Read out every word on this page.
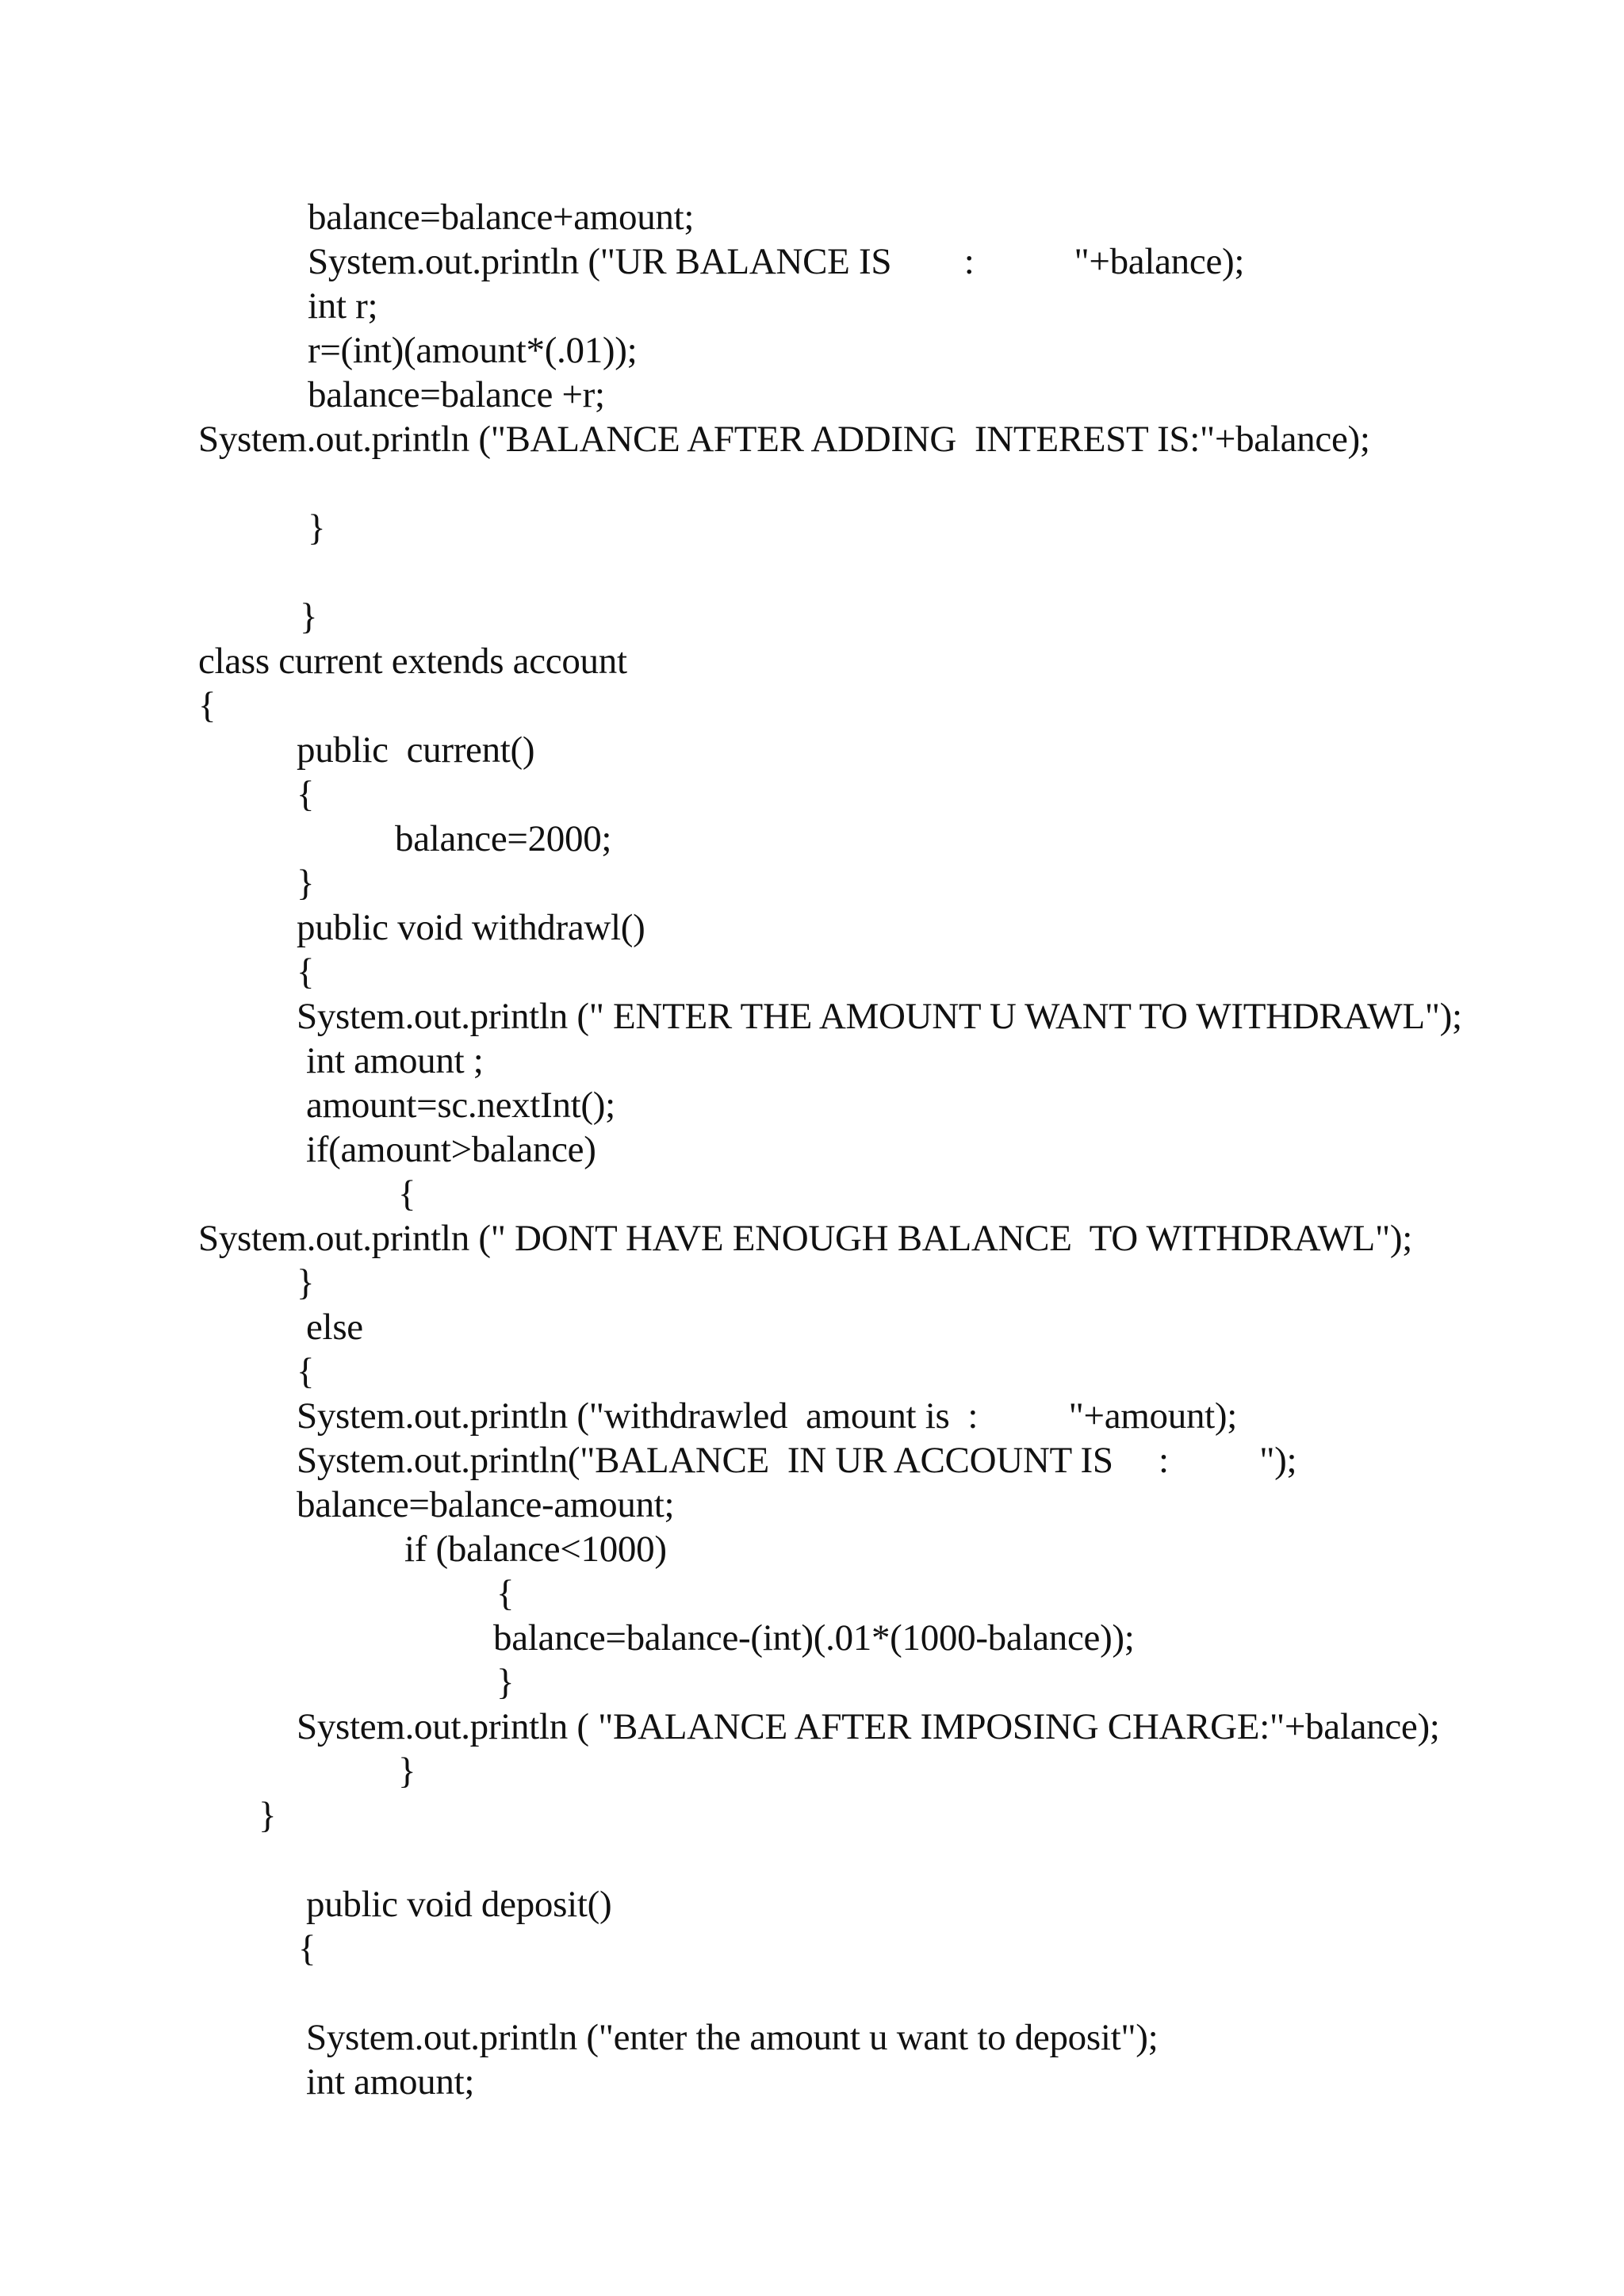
balance=balance+amount;

System.out.println ("UR BALANCE IS        :           "+balance);

int r;

r=(int)(amount*(.01));

balance=balance +r;

System.out.println ("BALANCE AFTER ADDING  INTEREST IS:"+balance);

}

}

class current extends account

{

public  current()

{

balance=2000;

}

public void withdrawl()

{

System.out.println (" ENTER THE AMOUNT U WANT TO WITHDRAWL");

int amount ;

amount=sc.nextInt();

if(amount>balance)

{

System.out.println (" DONT HAVE ENOUGH BALANCE  TO WITHDRAWL");

}

else

{

System.out.println ("withdrawled  amount is  :          "+amount);

System.out.println("BALANCE  IN UR ACCOUNT IS     :          ");

balance=balance-amount;

if (balance<1000)

{

balance=balance-(int)(.01*(1000-balance));

}

System.out.println ( "BALANCE AFTER IMPOSING CHARGE:"+balance);

}

}

public void deposit()

{

System.out.println ("enter the amount u want to deposit");

int amount;
